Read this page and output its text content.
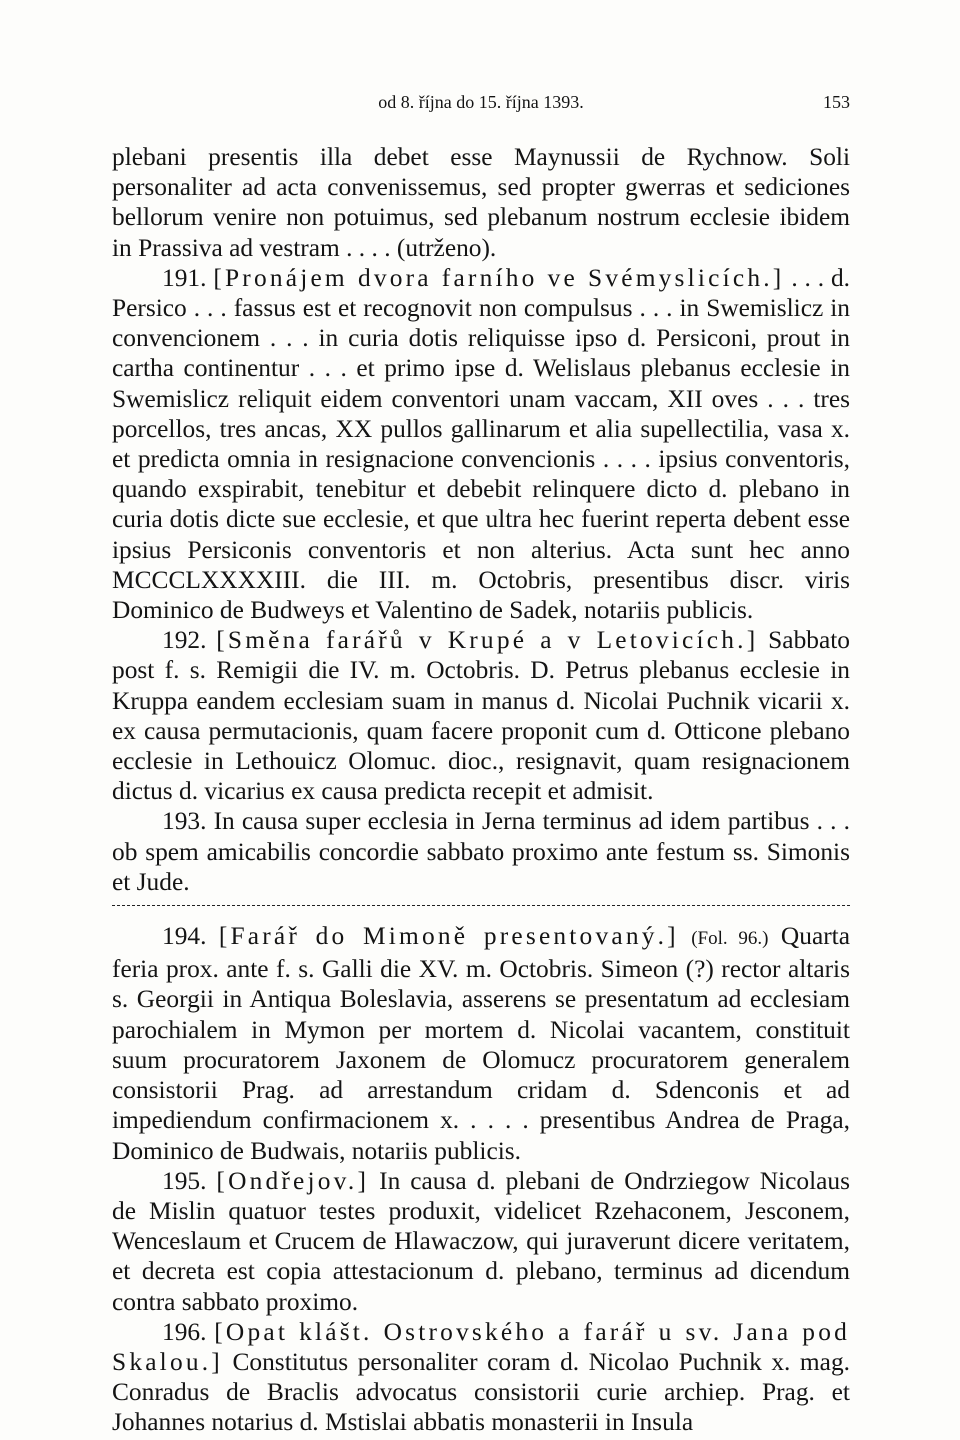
od 8. října do 15. října 1393.	153

plebani presentis illa debet esse Maynussii de Rychnow. Soli personaliter ad acta convenissemus, sed propter gwerras et sediciones bellorum venire non potuimus, sed plebanum nostrum ecclesie ibidem in Prassiva ad vestram . . . . (utrženo).

191. [Pronájem dvora farního ve Svémyslicích.] . . . d. Persico . . . fassus est et recognovit non compulsus . . . in Swemislicz in convencionem . . . in curia dotis reliquisse ipso d. Persiconi, prout in cartha continentur . . . et primo ipse d. Welislaus plebanus ecclesie in Swemislicz reliquit eidem conventori unam vaccam, XII oves . . . tres porcellos, tres ancas, XX pullos gallinarum et alia supellectilia, vasa x. et predicta omnia in resignacione convencionis . . . . ipsius conventoris, quando exspirabit, tenebitur et debebit relinquere dicto d. plebano in curia dotis dicte sue ecclesie, et que ultra hec fuerint reperta debent esse ipsius Persiconis conventoris et non alterius. Acta sunt hec anno MCCCLXXXXIII. die III. m. Octobris, presentibus discr. viris Dominico de Budweys et Valentino de Sadek, notariis publicis.

192. [Směna farářů v Krupé a v Letovicích.] Sabbato post f. s. Remigii die IV. m. Octobris. D. Petrus plebanus ecclesie in Kruppa eandem ecclesiam suam in manus d. Nicolai Puchnik vicarii x. ex causa permutacionis, quam facere proponit cum d. Otticone plebano ecclesie in Lethouicz Olomuc. dioc., resignavit, quam resignacionem dictus d. vicarius ex causa predicta recepit et admisit.

193. In causa super ecclesia in Jerna terminus ad idem partibus . . . ob spem amicabilis concordie sabbato proximo ante festum ss. Simonis et Jude.

194. [Farář do Mimoně presentovaný.] (Fol. 96.) Quarta feria prox. ante f. s. Galli die XV. m. Octobris. Simeon (?) rector altaris s. Georgii in Antiqua Boleslavia, asserens se presentatum ad ecclesiam parochialem in Mymon per mortem d. Nicolai vacantem, constituit suum procuratorem Jaxonem de Olomucz procuratorem generalem consistorii Prag. ad arrestandum cridam d. Sdenconis et ad impediendum confirmacionem x. . . . . presentibus Andrea de Praga, Dominico de Budwais, notariis publicis.

195. [Ondřejov.] In causa d. plebani de Ondrziegow Nicolaus de Mislin quatuor testes produxit, videlicet Rzehaconem, Jesconem, Wenceslaum et Crucem de Hlawaczow, qui juraverunt dicere veritatem, et decreta est copia attestacionum d. plebano, terminus ad dicendum contra sabbato proximo.

196. [Opat klášt. Ostrovského a farář u sv. Jana pod Skalou.] Constitutus personaliter coram d. Nicolao Puchnik x. mag. Conradus de Braclis advocatus consistorii curie archiep. Prag. et Johannes notarius d. Mstislai abbatis monasterii in Insula
